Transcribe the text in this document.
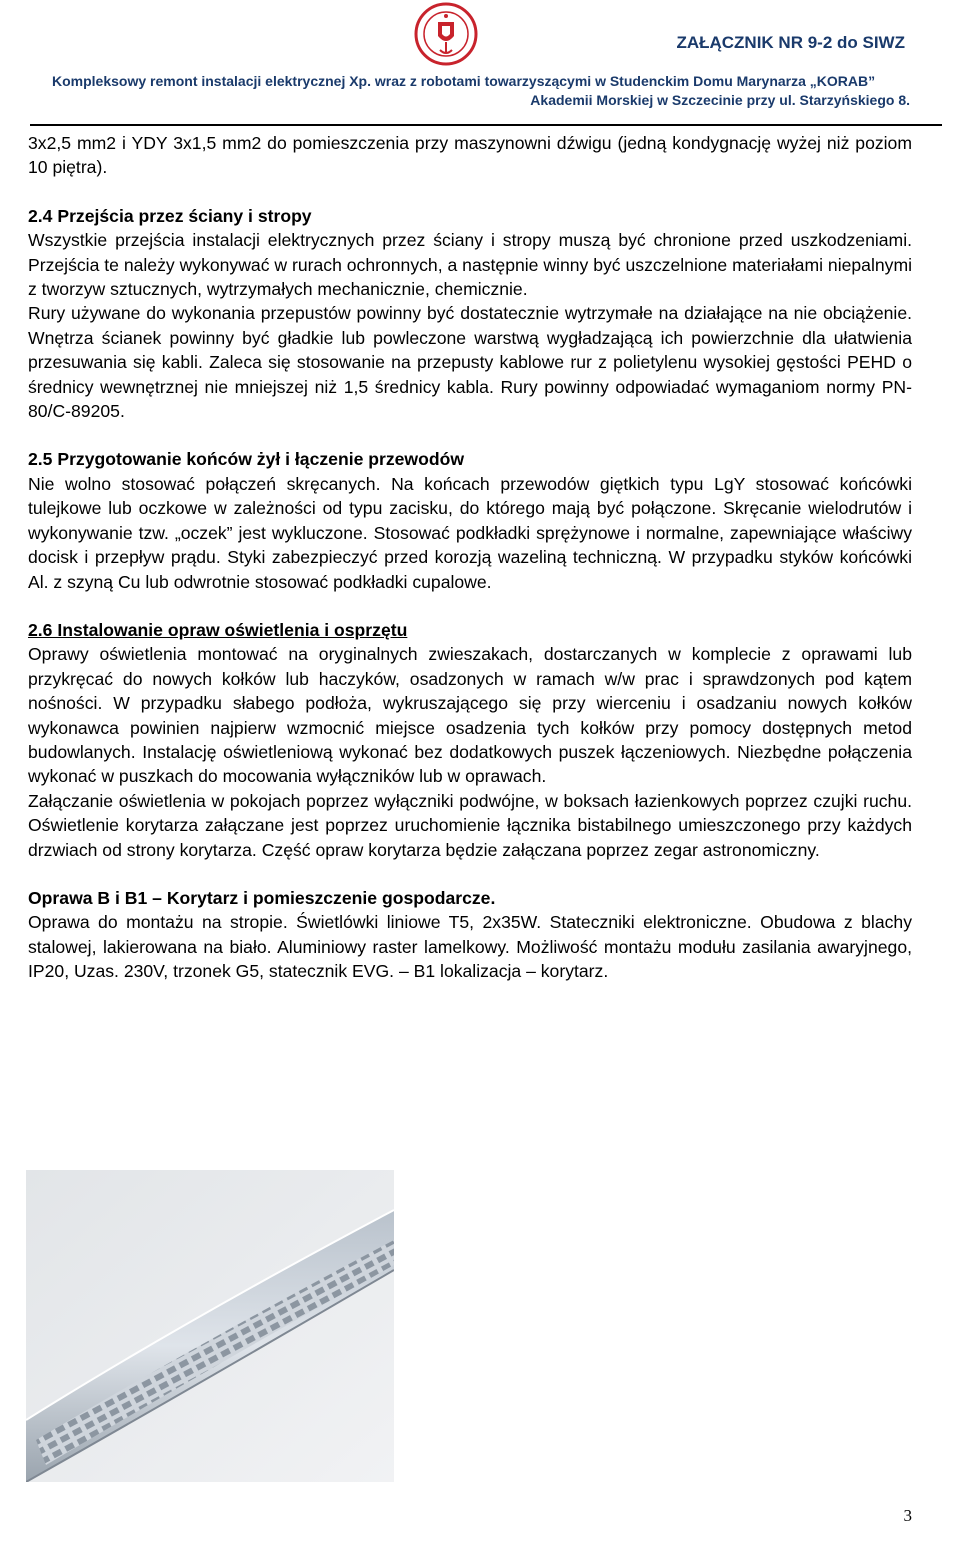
ZAŁĄCZNIK NR 9-2 do SIWZ
Kompleksowy remont instalacji elektrycznej Xp. wraz z robotami towarzyszącymi w Studenckim Domu Marynarza „KORAB”
Akademii Morskiej w Szczecinie przy ul. Starzyńskiego 8.

3x2,5 mm2 i YDY 3x1,5 mm2 do pomieszczenia przy maszynowni dźwigu (jedną kondygnację wyżej niż poziom 10 piętra).

2.4 Przejścia przez ściany i stropy

Wszystkie przejścia instalacji elektrycznych przez ściany i stropy muszą być chronione przed uszkodzeniami. Przejścia te należy wykonywać w rurach ochronnych, a następnie winny być uszczelnione materiałami niepalnymi z tworzyw sztucznych, wytrzymałych mechanicznie, chemicznie.

Rury używane do wykonania przepustów powinny być dostatecznie wytrzymałe na działające na nie obciążenie. Wnętrza ścianek powinny być gładkie lub powleczone warstwą wygładzającą ich powierzchnie dla ułatwienia przesuwania się kabli. Zaleca się stosowanie na przepusty kablowe rur z polietylenu wysokiej gęstości PEHD o średnicy wewnętrznej nie mniejszej niż 1,5 średnicy kabla. Rury powinny odpowiadać wymaganiom normy PN-80/C-89205.

2.5 Przygotowanie końców żył i łączenie przewodów

Nie wolno stosować połączeń skręcanych. Na końcach przewodów giętkich typu LgY stosować końcówki tulejkowe lub oczkowe w zależności od typu zacisku, do którego mają być połączone. Skręcanie wielodrutów i wykonywanie tzw. „oczek” jest wykluczone. Stosować podkładki sprężynowe i normalne, zapewniające właściwy docisk i przepływ prądu. Styki zabezpieczyć przed korozją wazeliną techniczną. W przypadku styków końcówki Al. z szyną Cu lub odwrotnie stosować podkładki cupalowe.

2.6 Instalowanie opraw oświetlenia i osprzętu

Oprawy oświetlenia montować na oryginalnych zwieszakach, dostarczanych w komplecie z oprawami lub przykręcać do nowych kołków lub haczyków, osadzonych w ramach w/w prac i sprawdzonych pod kątem nośności. W przypadku słabego podłoża, wykruszającego się przy wierceniu i osadzaniu nowych kołków wykonawca powinien najpierw wzmocnić miejsce osadzenia tych kołków przy pomocy dostępnych metod budowlanych. Instalację oświetleniową wykonać bez dodatkowych puszek łączeniowych. Niezbędne połączenia wykonać w puszkach do mocowania wyłączników lub w oprawach.

Załączanie oświetlenia w pokojach poprzez wyłączniki podwójne, w boksach łazienkowych poprzez czujki ruchu. Oświetlenie korytarza załączane jest poprzez uruchomienie łącznika bistabilnego umieszczonego przy każdych drzwiach od strony korytarza. Część opraw korytarza będzie załączana poprzez zegar astronomiczny.

Oprawa B i B1 – Korytarz i pomieszczenie gospodarcze.

Oprawa do montażu na stropie. Świetlówki liniowe T5, 2x35W. Stateczniki elektroniczne. Obudowa z blachy stalowej, lakierowana na biało. Aluminiowy raster lamelkowy. Możliwość montażu modułu zasilania awaryjnego, IP20, Uzas. 230V, trzonek G5, statecznik EVG. – B1 lokalizacja – korytarz.

3
